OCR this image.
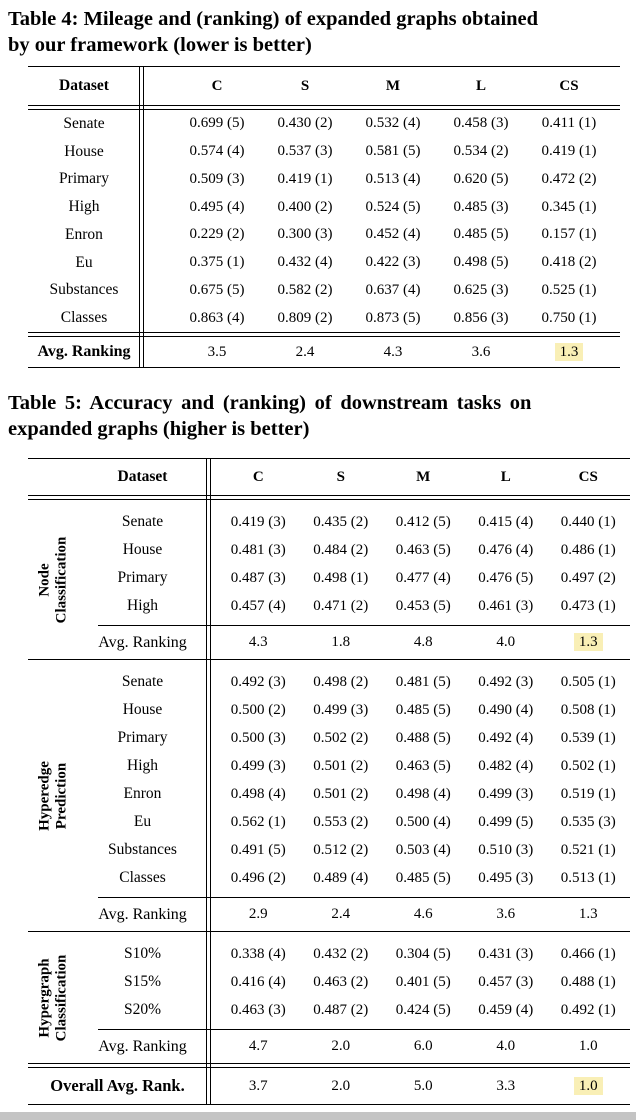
Table 4: Mileage and (ranking) of expanded graphs obtained
by our framework (lower is better)
Dataset	C	S	M	L	CS
Senate	0.699 (5)	0.430 (2)	0.532 (4)	0.458 (3)	0.411 (1)
House	0.574 (4)	0.537 (3)	0.581 (5)	0.534 (2)	0.419 (1)
Primary	0.509 (3)	0.419 (1)	0.513 (4)	0.620 (5)	0.472 (2)
High	0.495 (4)	0.400 (2)	0.524 (5)	0.485 (3)	0.345 (1)
Enron	0.229 (2)	0.300 (3)	0.452 (4)	0.485 (5)	0.157 (1)
Eu	0.375 (1)	0.432 (4)	0.422 (3)	0.498 (5)	0.418 (2)
Substances	0.675 (5)	0.582 (2)	0.637 (4)	0.625 (3)	0.525 (1)
Classes	0.863 (4)	0.809 (2)	0.873 (5)	0.856 (3)	0.750 (1)
Avg. Ranking	3.5	2.4	4.3	3.6	1.3
Table 5: Accuracy and (ranking) of downstream tasks on
expanded graphs (higher is better)
Dataset	C	S	M	L	CS
Node Classification
Senate	0.419 (3)	0.435 (2)	0.412 (5)	0.415 (4)	0.440 (1)
House	0.481 (3)	0.484 (2)	0.463 (5)	0.476 (4)	0.486 (1)
Primary	0.487 (3)	0.498 (1)	0.477 (4)	0.476 (5)	0.497 (2)
High	0.457 (4)	0.471 (2)	0.453 (5)	0.461 (3)	0.473 (1)
Avg. Ranking	4.3	1.8	4.8	4.0	1.3
Hyperedge Prediction
Senate	0.492 (3)	0.498 (2)	0.481 (5)	0.492 (3)	0.505 (1)
House	0.500 (2)	0.499 (3)	0.485 (5)	0.490 (4)	0.508 (1)
Primary	0.500 (3)	0.502 (2)	0.488 (5)	0.492 (4)	0.539 (1)
High	0.499 (3)	0.501 (2)	0.463 (5)	0.482 (4)	0.502 (1)
Enron	0.498 (4)	0.501 (2)	0.498 (4)	0.499 (3)	0.519 (1)
Eu	0.562 (1)	0.553 (2)	0.500 (4)	0.499 (5)	0.535 (3)
Substances	0.491 (5)	0.512 (2)	0.503 (4)	0.510 (3)	0.521 (1)
Classes	0.496 (2)	0.489 (4)	0.485 (5)	0.495 (3)	0.513 (1)
Avg. Ranking	2.9	2.4	4.6	3.6	1.3
Hypergraph Classification
S10%	0.338 (4)	0.432 (2)	0.304 (5)	0.431 (3)	0.466 (1)
S15%	0.416 (4)	0.463 (2)	0.401 (5)	0.457 (3)	0.488 (1)
S20%	0.463 (3)	0.487 (2)	0.424 (5)	0.459 (4)	0.492 (1)
Avg. Ranking	4.7	2.0	6.0	4.0	1.0
Overall Avg. Rank.	3.7	2.0	5.0	3.3	1.0
